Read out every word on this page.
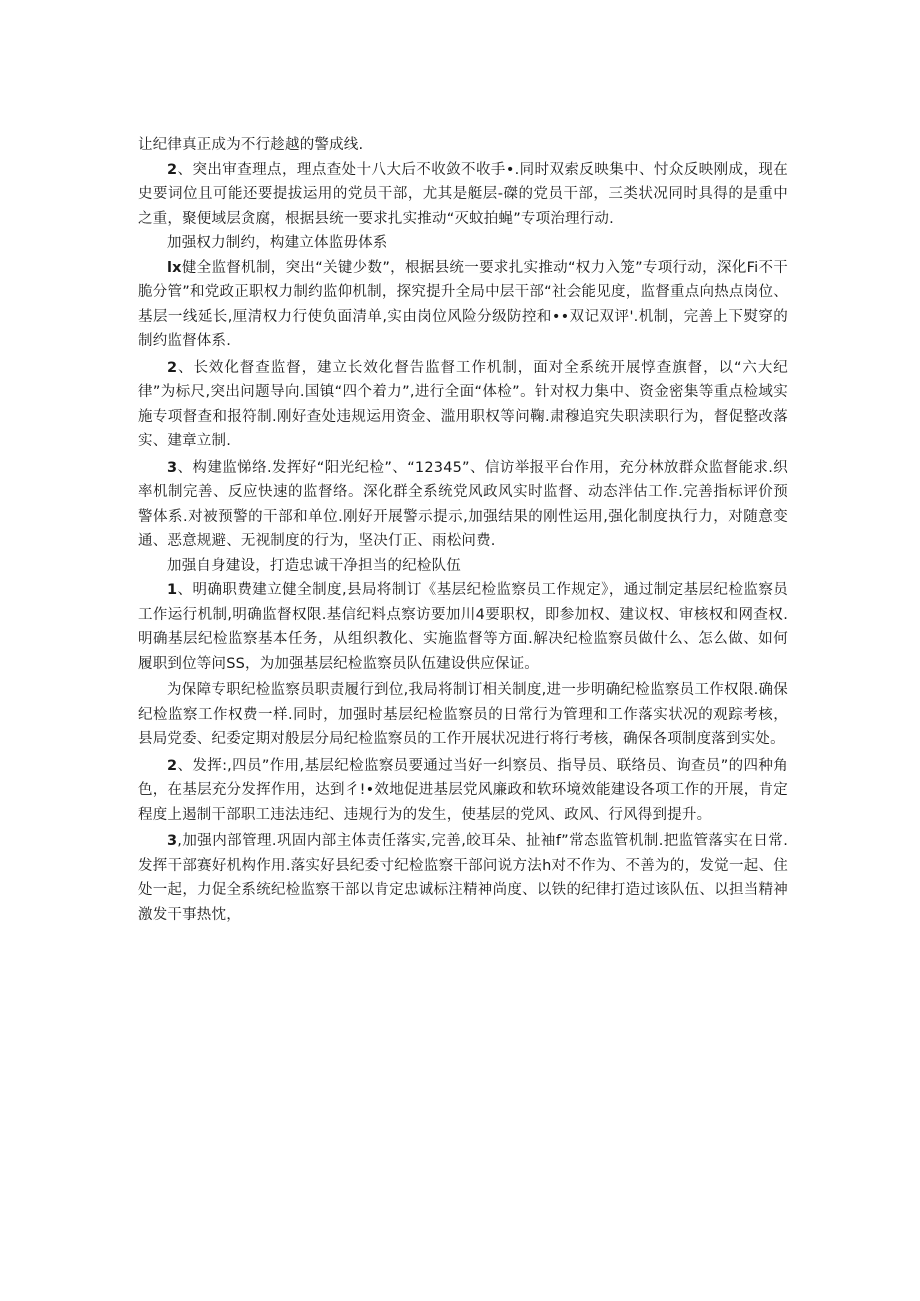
让纪律真正成为不行趁越的警成线.

2、突出审查理点，理点查处十八大后不收敛不收手•.同时双索反映集中、忖众反映刚成，现在史要词位且可能还要提拔运用的党员干部，尤其是艇层-磔的党员干部，三类状况同时具得的是重中之重，聚便域层贪腐，根据县统一要求扎实推动“灭蚊拍蝇”专项治理行动.

加强权力制约，构建立体监毋体系

lx健全监督机制，突出“关键少数”，根据县统一要求扎实推动“权力入笼”专项行动，深化Fi不干脆分管”和党政正职权力制约监仰机制，探究提升全局中层干部“社会能见度，监督重点向热点岗位、基层一线延长,厘清权力行使负面清单,实由岗位风险分级防控和••双记双评'.机制，完善上下熨穿的制约监督体系.

2、长效化督查监督，建立长效化督告监督工作机制，面对全系统开展惇查旗督，以“六大纪律”为标尺,突出问题导向.国镇“四个着力”,进行全面“体检”。针对权力集中、资金密集等重点检域实施专项督查和报符制.刚好查处违规运用资金、滥用职权等问鞠.肃穆追究失职渎职行为，督促整改落实、建章立制.

3、构建监悌络.发挥好“阳光纪检”、“12345”、信访举报平台作用，充分林放群众监督能求.织率机制完善、反应快速的监督络。深化群全系统党风政风实时监督、动态泮估工作.完善指标评价预警体系.对被预警的干部和单位.刚好开展警示提示,加强结果的刚性运用,强化制度执行力，对随意变通、恶意规避、无视制度的行为，坚决仃正、雨松问费.

加强自身建设，打造忠诚干净担当的纪检队伍

1、明确职费建立健全制度,县局将制订《基层纪检监察员工作规定》，通过制定基层纪检监察员工作运行机制,明确监督权限.基信纪料点察访要加川4要职权，即参加权、建议权、审核权和网查权.明确基层纪检监察基本任务，从组织教化、实施监督等方面.解决纪检监察员做什么、怎么做、如何履职到位等问SS，为加强基层纪检监察员队伍建设供应保证。

为保障专职纪检监察员职责履行到位,我局将制订相关制度,进一步明确纪检监察员工作权限.确保纪检监察工作权费一样.同时，加强时基层纪检监察员的日常行为管理和工作落实状况的观踪考核，县局党委、纪委定期对般层分局纪检监察员的工作开展状况进行将行考核，确保各项制度落到实处。

2、发挥:,四员”作用,基层纪检监察员要通过当好一纠察员、指导员、联络员、询查员”的四种角色，在基层充分发挥作用，达到彳!•效地促进基层党风廉政和软环境效能建设各项工作的开展，肯定程度上遏制干部职工违法违纪、违规行为的发生，使基层的党风、政风、行风得到提升。

3,加强内部管理.巩固内部主体责任落实,完善,皎耳朵、扯袖f”常态监管机制.把监管落实在日常.发挥干部赛好机构作用.落实好县纪委寸纪检监察干部问说方法h对不作为、不善为的，发觉一起、住处一起，力促全系统纪检监察干部以肯定忠诚标注精神尚度、以铁的纪律打造过该队伍、以担当精神激发干事热忱，
